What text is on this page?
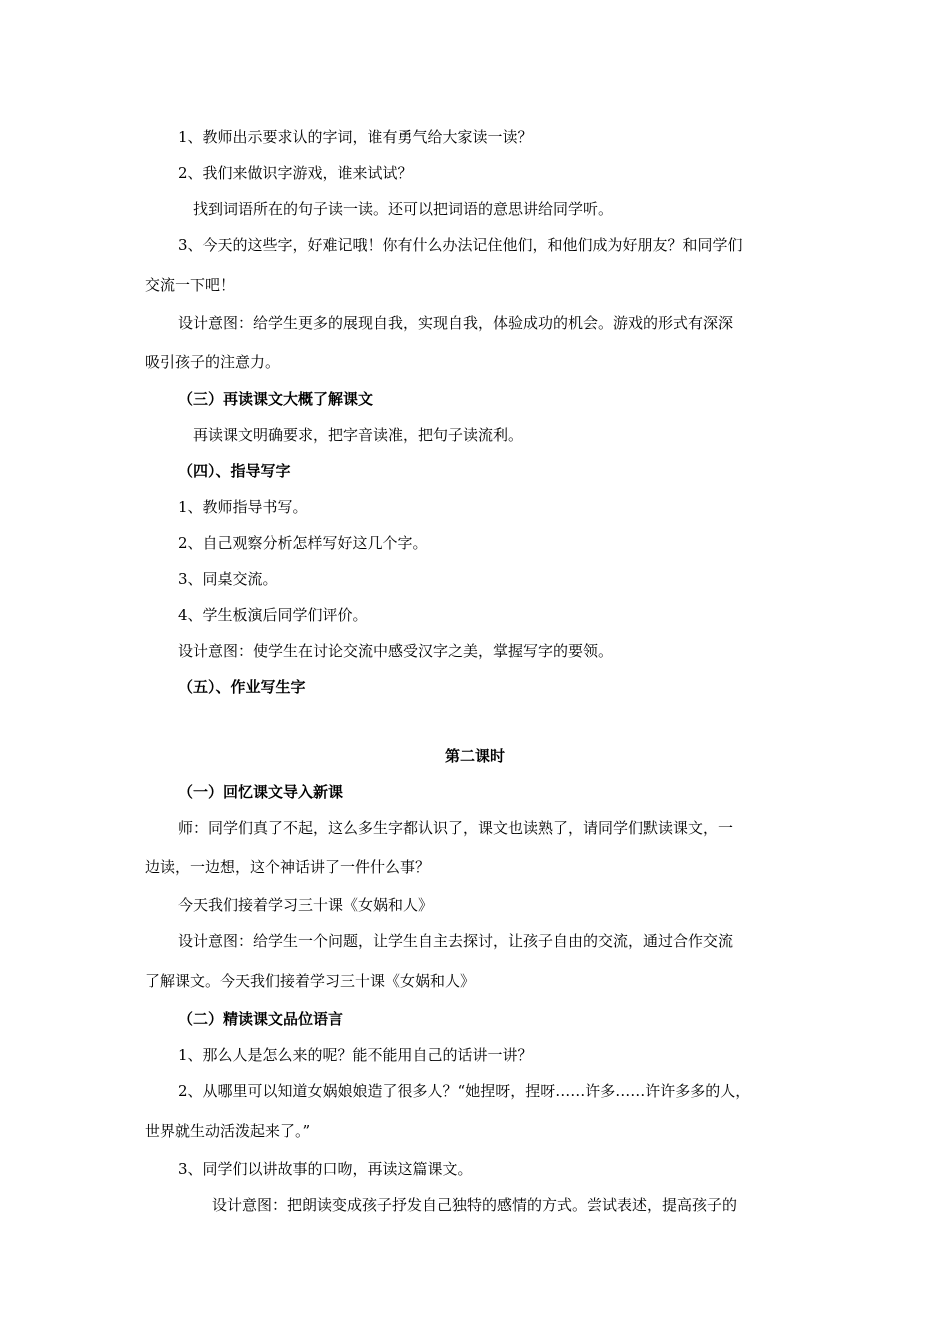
1、教师出示要求认的字词，谁有勇气给大家读一读？
2、我们来做识字游戏，谁来试试？
找到词语所在的句子读一读。还可以把词语的意思讲给同学听。
3、今天的这些字，好难记哦！你有什么办法记住他们，和他们成为好朋友？和同学们
交流一下吧！
设计意图：给学生更多的展现自我，实现自我，体验成功的机会。游戏的形式有深深
吸引孩子的注意力。
（三）再读课文大概了解课文
再读课文明确要求，把字音读准，把句子读流利。
（四）、指导写字
1、教师指导书写。
2、自己观察分析怎样写好这几个字。
3、同桌交流。
4、学生板演后同学们评价。
设计意图：使学生在讨论交流中感受汉字之美，掌握写字的要领。
（五）、作业写生字
第二课时
（一）回忆课文导入新课
师：同学们真了不起，这么多生字都认识了，课文也读熟了，请同学们默读课文，一
边读，一边想，这个神话讲了一件什么事？
今天我们接着学习三十课《女娲和人》
设计意图：给学生一个问题，让学生自主去探讨，让孩子自由的交流，通过合作交流
了解课文。今天我们接着学习三十课《女娲和人》
（二）精读课文品位语言
1、那么人是怎么来的呢？能不能用自己的话讲一讲？
2、从哪里可以知道女娲娘娘造了很多人？“她捏呀，捏呀……许多……许许多多的人，
世界就生动活泼起来了。”
3、同学们以讲故事的口吻，再读这篇课文。
设计意图：把朗读变成孩子抒发自己独特的感情的方式。尝试表述，提高孩子的
